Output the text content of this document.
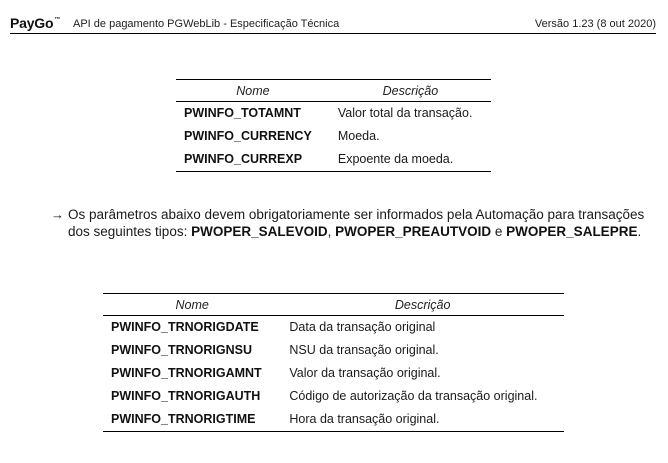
PayGo™ API de pagamento PGWebLib - Especificação Técnica	Versão 1.23 (8 out 2020)
Nome	Descrição
PWINFO_TOTAMNT	Valor total da transação.
PWINFO_CURRENCY	Moeda.
PWINFO_CURREXP	Expoente da moeda.
→ Os parâmetros abaixo devem obrigatoriamente ser informados pela Automação para transações dos seguintes tipos: PWOPER_SALEVOID, PWOPER_PREAUTVOID e PWOPER_SALEPRE.
Nome	Descrição
PWINFO_TRNORIGDATE	Data da transação original
PWINFO_TRNORIGNSU	NSU da transação original.
PWINFO_TRNORIGAMNT	Valor da transação original.
PWINFO_TRNORIGAUTH	Código de autorização da transação original.
PWINFO_TRNORIGTIME	Hora da transação original.
